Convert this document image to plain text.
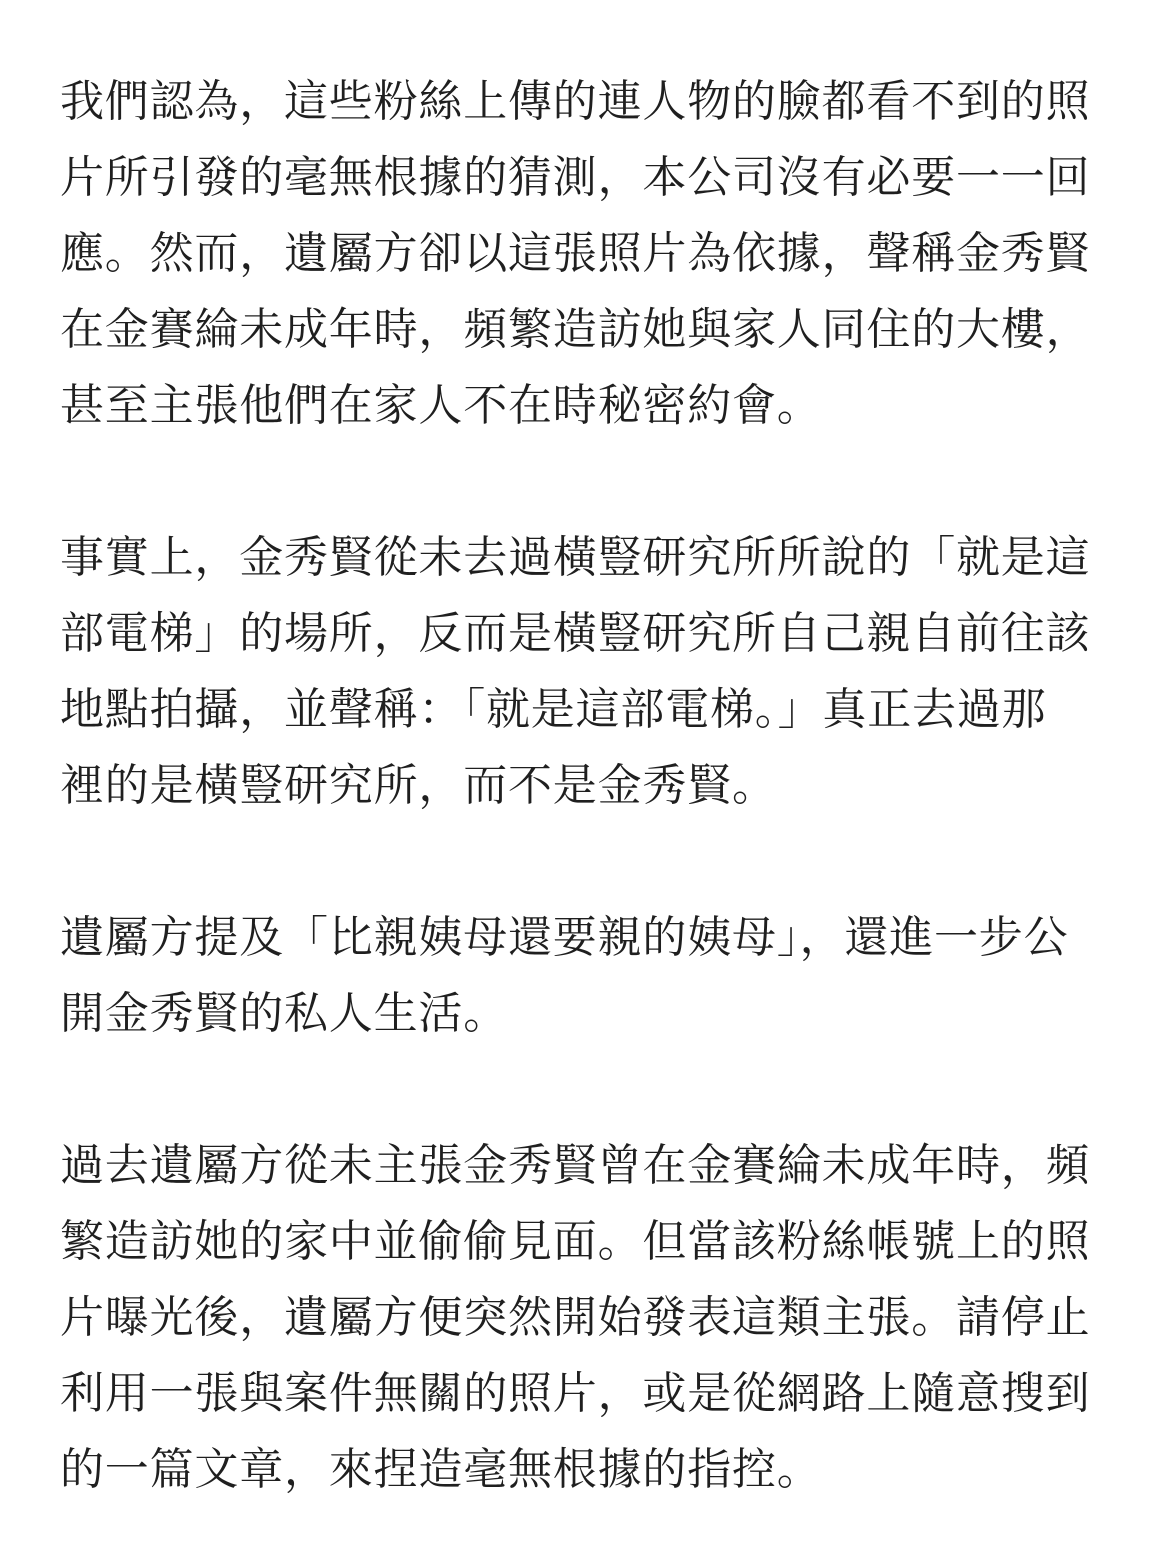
我們認為，這些粉絲上傳的連人物的臉都看不到的照
片所引發的毫無根據的猜測，本公司沒有必要一一回
應。然而，遺屬方卻以這張照片為依據，聲稱金秀賢
在金賽綸未成年時，頻繁造訪她與家人同住的大樓，
甚至主張他們在家人不在時秘密約會。

事實上，金秀賢從未去過橫豎研究所所說的「就是這
部電梯」的場所，反而是橫豎研究所自己親自前往該
地點拍攝，並聲稱：「就是這部電梯。」真正去過那
裡的是橫豎研究所，而不是金秀賢。

遺屬方提及「比親姨母還要親的姨母」，還進一步公
開金秀賢的私人生活。

過去遺屬方從未主張金秀賢曾在金賽綸未成年時，頻
繁造訪她的家中並偷偷見面。但當該粉絲帳號上的照
片曝光後，遺屬方便突然開始發表這類主張。請停止
利用一張與案件無關的照片，或是從網路上隨意搜到
的一篇文章，來捏造毫無根據的指控。
